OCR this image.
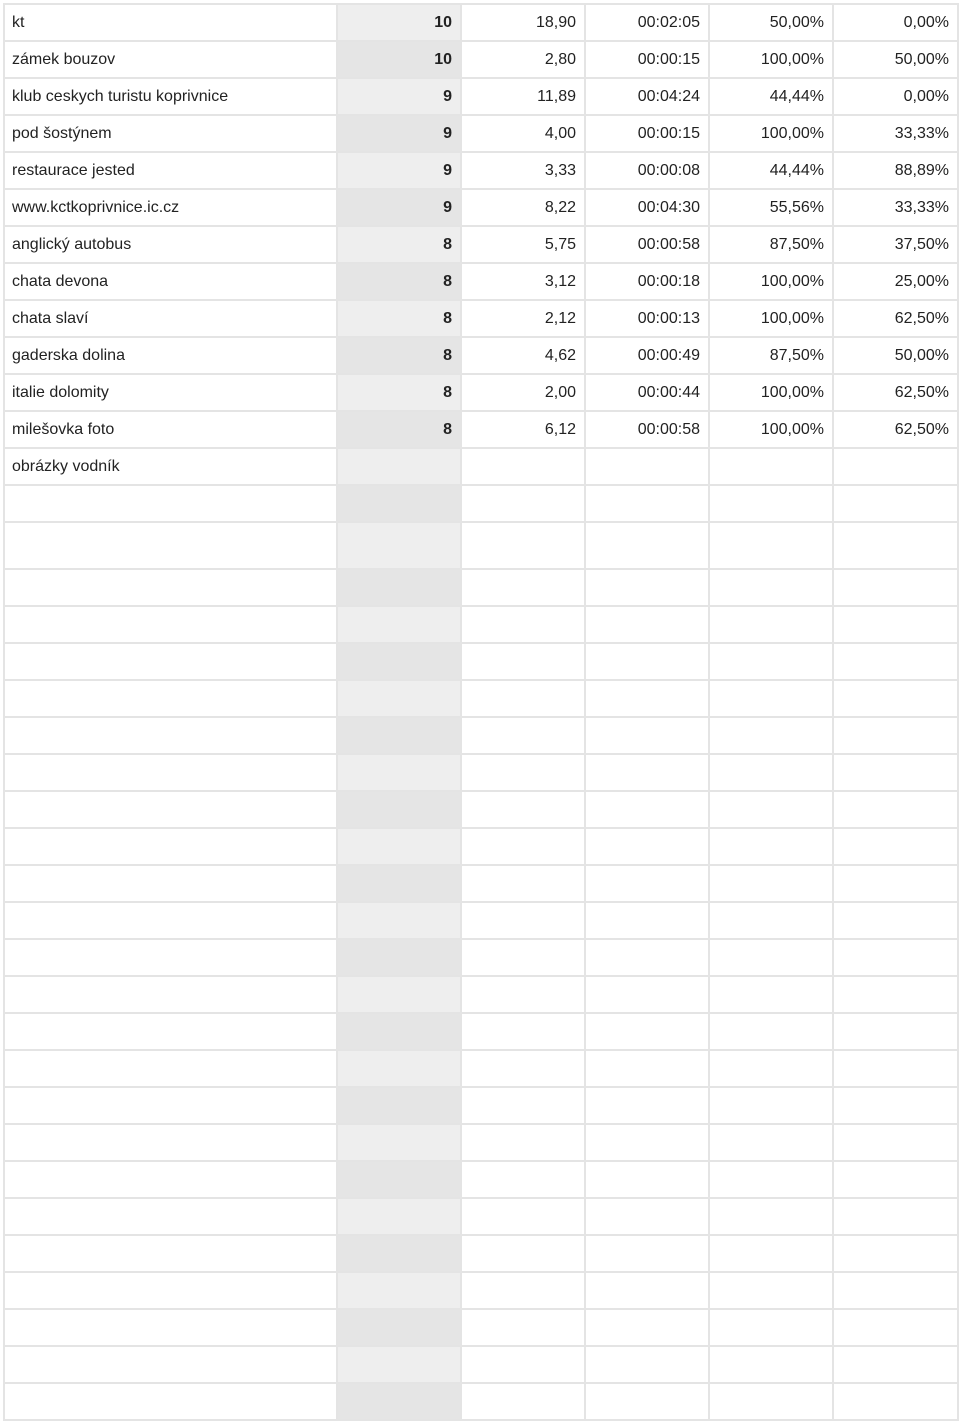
kt	10	18,90	00:02:05	50,00%	0,00%
zámek bouzov	10	2,80	00:00:15	100,00%	50,00%
klub ceskych turistu koprivnice	9	11,89	00:04:24	44,44%	0,00%
pod šostýnem	9	4,00	00:00:15	100,00%	33,33%
restaurace jested	9	3,33	00:00:08	44,44%	88,89%
www.kctkoprivnice.ic.cz	9	8,22	00:04:30	55,56%	33,33%
anglický autobus	8	5,75	00:00:58	87,50%	37,50%
chata devona	8	3,12	00:00:18	100,00%	25,00%
chata slaví	8	2,12	00:00:13	100,00%	62,50%
gaderska dolina	8	4,62	00:00:49	87,50%	50,00%
italie dolomity	8	2,00	00:00:44	100,00%	62,50%
milešovka foto	8	6,12	00:00:58	100,00%	62,50%
obrázky vodník					
